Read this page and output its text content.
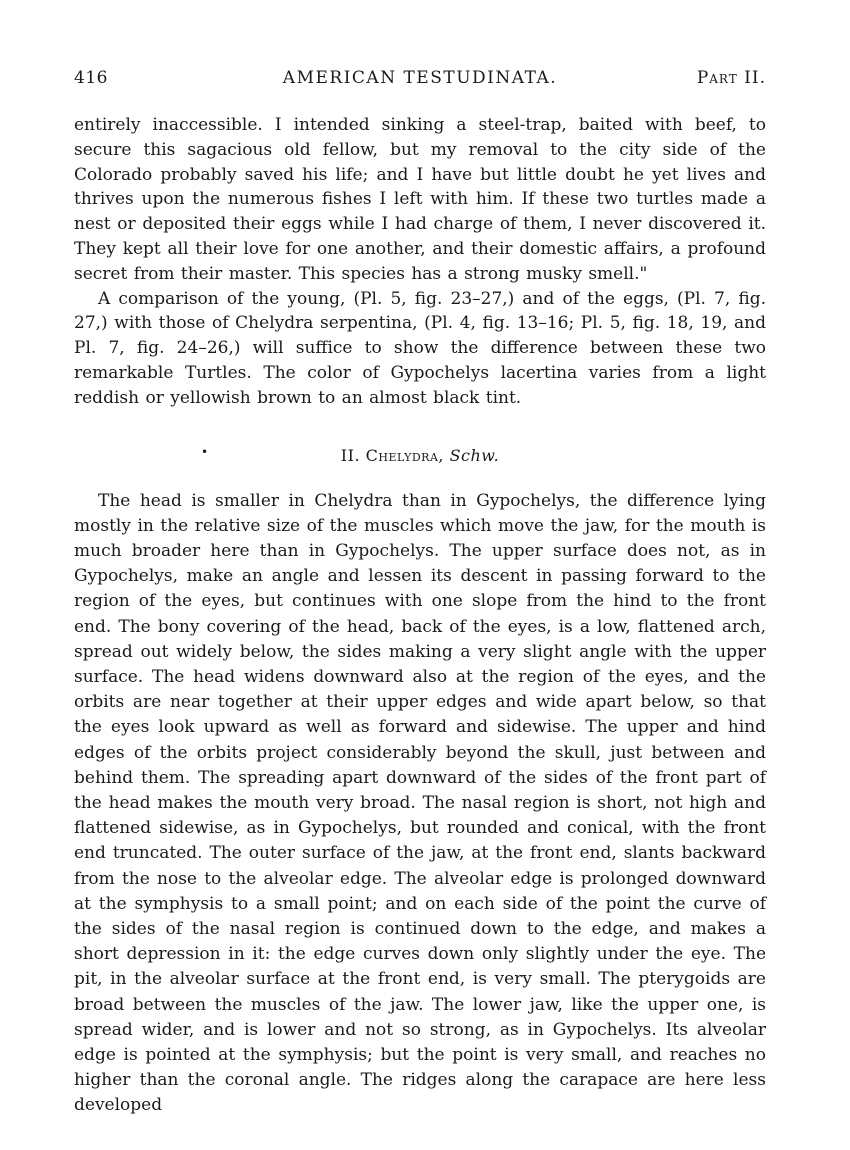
416	AMERICAN TESTUDINATA.	Part II.

entirely inaccessible. I intended sinking a steel-trap, baited with beef, to secure this sagacious old fellow, but my removal to the city side of the Colorado probably saved his life; and I have but little doubt he yet lives and thrives upon the numerous fishes I left with him. If these two turtles made a nest or deposited their eggs while I had charge of them, I never discovered it. They kept all their love for one another, and their domestic affairs, a profound secret from their master. This species has a strong musky smell."

A comparison of the young, (Pl. 5, fig. 23–27,) and of the eggs, (Pl. 7, fig. 27,) with those of Chelydra serpentina, (Pl. 4, fig. 13–16; Pl. 5, fig. 18, 19, and Pl. 7, fig. 24–26,) will suffice to show the difference between these two remarkable Turtles. The color of Gypochelys lacertina varies from a light reddish or yellowish brown to an almost black tint.

•	II. Chelydra, Schw.

The head is smaller in Chelydra than in Gypochelys, the difference lying mostly in the relative size of the muscles which move the jaw, for the mouth is much broader here than in Gypochelys. The upper surface does not, as in Gypochelys, make an angle and lessen its descent in passing forward to the region of the eyes, but continues with one slope from the hind to the front end. The bony covering of the head, back of the eyes, is a low, flattened arch, spread out widely below, the sides making a very slight angle with the upper surface. The head widens downward also at the region of the eyes, and the orbits are near together at their upper edges and wide apart below, so that the eyes look upward as well as forward and sidewise. The upper and hind edges of the orbits project considerably beyond the skull, just between and behind them. The spreading apart downward of the sides of the front part of the head makes the mouth very broad. The nasal region is short, not high and flattened sidewise, as in Gypochelys, but rounded and conical, with the front end truncated. The outer surface of the jaw, at the front end, slants backward from the nose to the alveolar edge. The alveolar edge is prolonged downward at the symphysis to a small point; and on each side of the point the curve of the sides of the nasal region is continued down to the edge, and makes a short depression in it: the edge curves down only slightly under the eye. The pit, in the alveolar surface at the front end, is very small. The pterygoids are broad between the muscles of the jaw. The lower jaw, like the upper one, is spread wider, and is lower and not so strong, as in Gypochelys. Its alveolar edge is pointed at the symphysis; but the point is very small, and reaches no higher than the coronal angle. The ridges along the carapace are here less developed
